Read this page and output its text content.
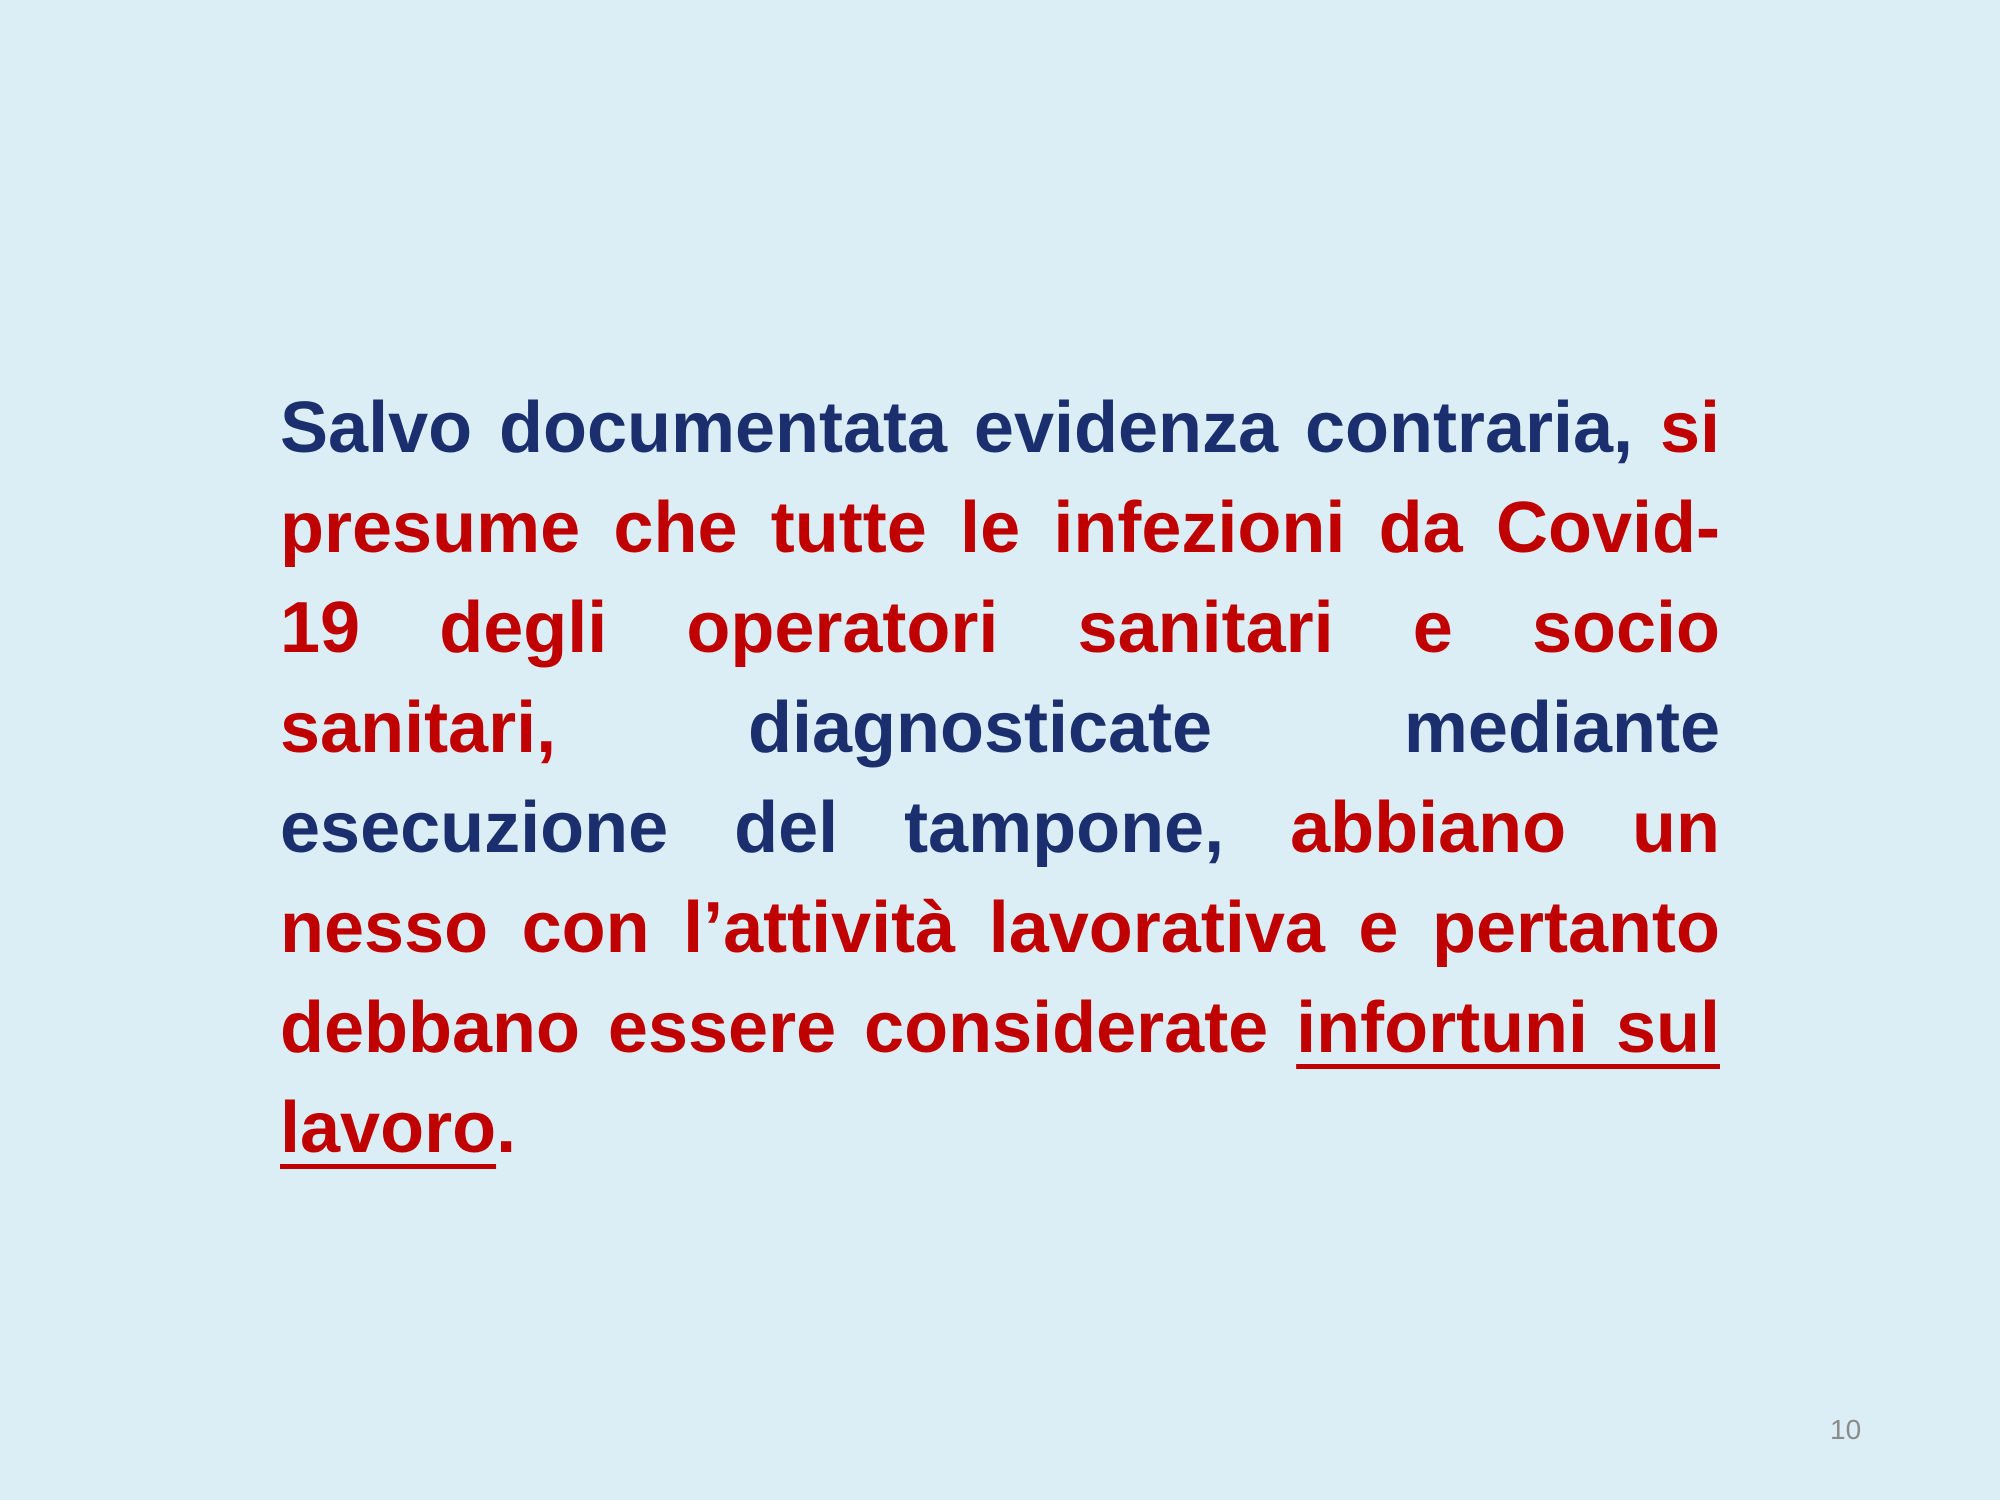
Salvo documentata evidenza contraria, si presume che tutte le infezioni da Covid-19 degli operatori sanitari e socio sanitari,	diagnosticate mediante esecuzione del tampone, abbiano un nesso con l’attività lavorativa e pertanto debbano essere considerate infortuni sul lavoro.

10
